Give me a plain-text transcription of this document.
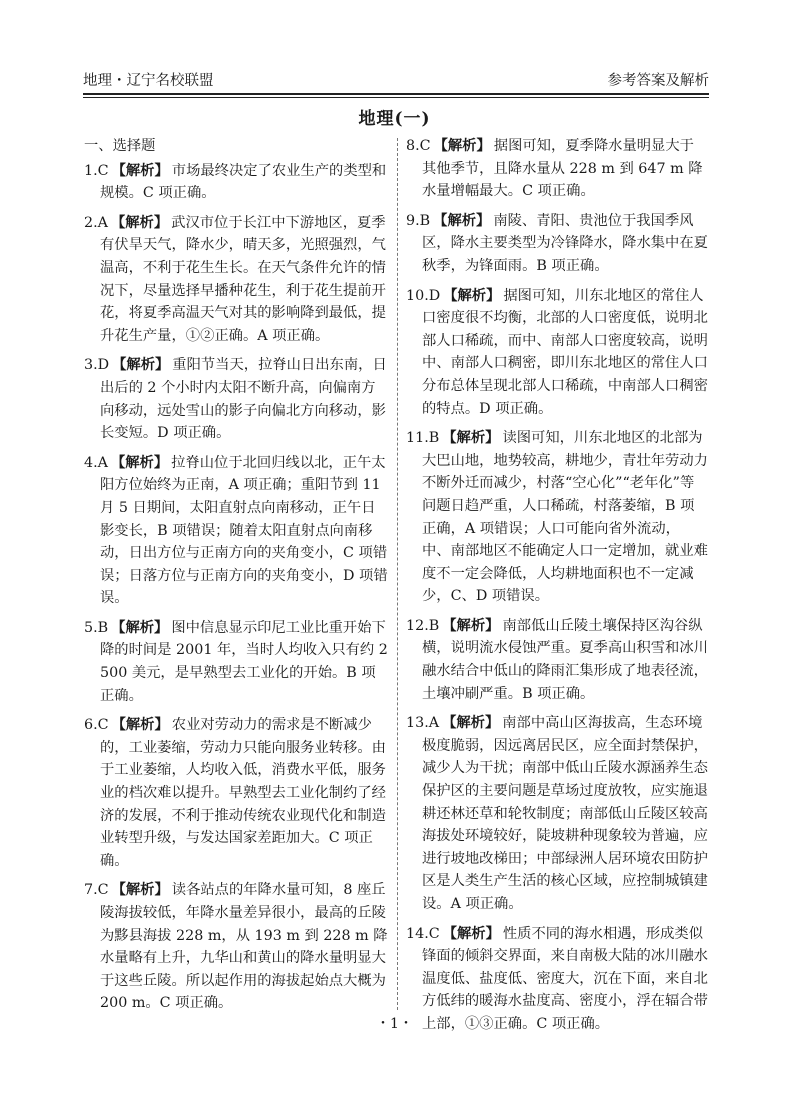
地理・辽宁名校联盟	参考答案及解析
地理(一)
一、选择题
1.C 【解析】 市场最终决定了农业生产的类型和规模。C 项正确。
2.A 【解析】 武汉市位于长江中下游地区，夏季有伏旱天气，降水少，晴天多，光照强烈，气温高，不利于花生生长。在天气条件允许的情况下，尽量选择早播种花生，利于花生提前开花，将夏季高温天气对其的影响降到最低，提升花生产量，①②正确。A 项正确。
3.D 【解析】 重阳节当天，拉脊山日出东南，日出后的 2 个小时内太阳不断升高，向偏南方向移动，远处雪山的影子向偏北方向移动，影长变短。D 项正确。
4.A 【解析】 拉脊山位于北回归线以北，正午太阳方位始终为正南，A 项正确；重阳节到 11 月 5 日期间，太阳直射点向南移动，正午日影变长，B 项错误；随着太阳直射点向南移动，日出方位与正南方向的夹角变小，C 项错误；日落方位与正南方向的夹角变小，D 项错误。
5.B 【解析】 图中信息显示印尼工业比重开始下降的时间是 2001 年，当时人均收入只有约 2 500 美元，是早熟型去工业化的开始。B 项正确。
6.C 【解析】 农业对劳动力的需求是不断减少的，工业萎缩，劳动力只能向服务业转移。由于工业萎缩，人均收入低，消费水平低，服务业的档次难以提升。早熟型去工业化制约了经济的发展，不利于推动传统农业现代化和制造业转型升级，与发达国家差距加大。C 项正确。
7.C 【解析】 读各站点的年降水量可知，8 座丘陵海拔较低，年降水量差异很小，最高的丘陵为黟县海拔 228 m，从 193 m 到 228 m 降水量略有上升，九华山和黄山的降水量明显大于这些丘陵。所以起作用的海拔起始点大概为 200 m。C 项正确。
8.C 【解析】 据图可知，夏季降水量明显大于其他季节，且降水量从 228 m 到 647 m 降水量增幅最大。C 项正确。
9.B 【解析】 南陵、青阳、贵池位于我国季风区，降水主要类型为冷锋降水，降水集中在夏秋季，为锋面雨。B 项正确。
10.D 【解析】 据图可知，川东北地区的常住人口密度很不均衡，北部的人口密度低，说明北部人口稀疏，而中、南部人口密度较高，说明中、南部人口稠密，即川东北地区的常住人口分布总体呈现北部人口稀疏，中南部人口稠密的特点。D 项正确。
11.B 【解析】 读图可知，川东北地区的北部为大巴山地，地势较高，耕地少，青壮年劳动力不断外迁而减少，村落“空心化”“老年化”等问题日趋严重，人口稀疏，村落萎缩，B 项正确，A 项错误；人口可能向省外流动，中、南部地区不能确定人口一定增加，就业难度不一定会降低，人均耕地面积也不一定减少，C、D 项错误。
12.B 【解析】 南部低山丘陵土壤保持区沟谷纵横，说明流水侵蚀严重。夏季高山积雪和冰川融水结合中低山的降雨汇集形成了地表径流，土壤冲刷严重。B 项正确。
13.A 【解析】 南部中高山区海拔高，生态环境极度脆弱，因远离居民区，应全面封禁保护，减少人为干扰；南部中低山丘陵水源涵养生态保护区的主要问题是草场过度放牧，应实施退耕还林还草和轮牧制度；南部低山丘陵区较高海拔处环境较好，陡坡耕种现象较为普遍，应进行坡地改梯田；中部绿洲人居环境农田防护区是人类生产生活的核心区域，应控制城镇建设。A 项正确。
14.C 【解析】 性质不同的海水相遇，形成类似锋面的倾斜交界面，来自南极大陆的冰川融水温度低、盐度低、密度大，沉在下面，来自北方低纬的暖海水盐度高、密度小，浮在辐合带上部，①③正确。C 项正确。
・1・
